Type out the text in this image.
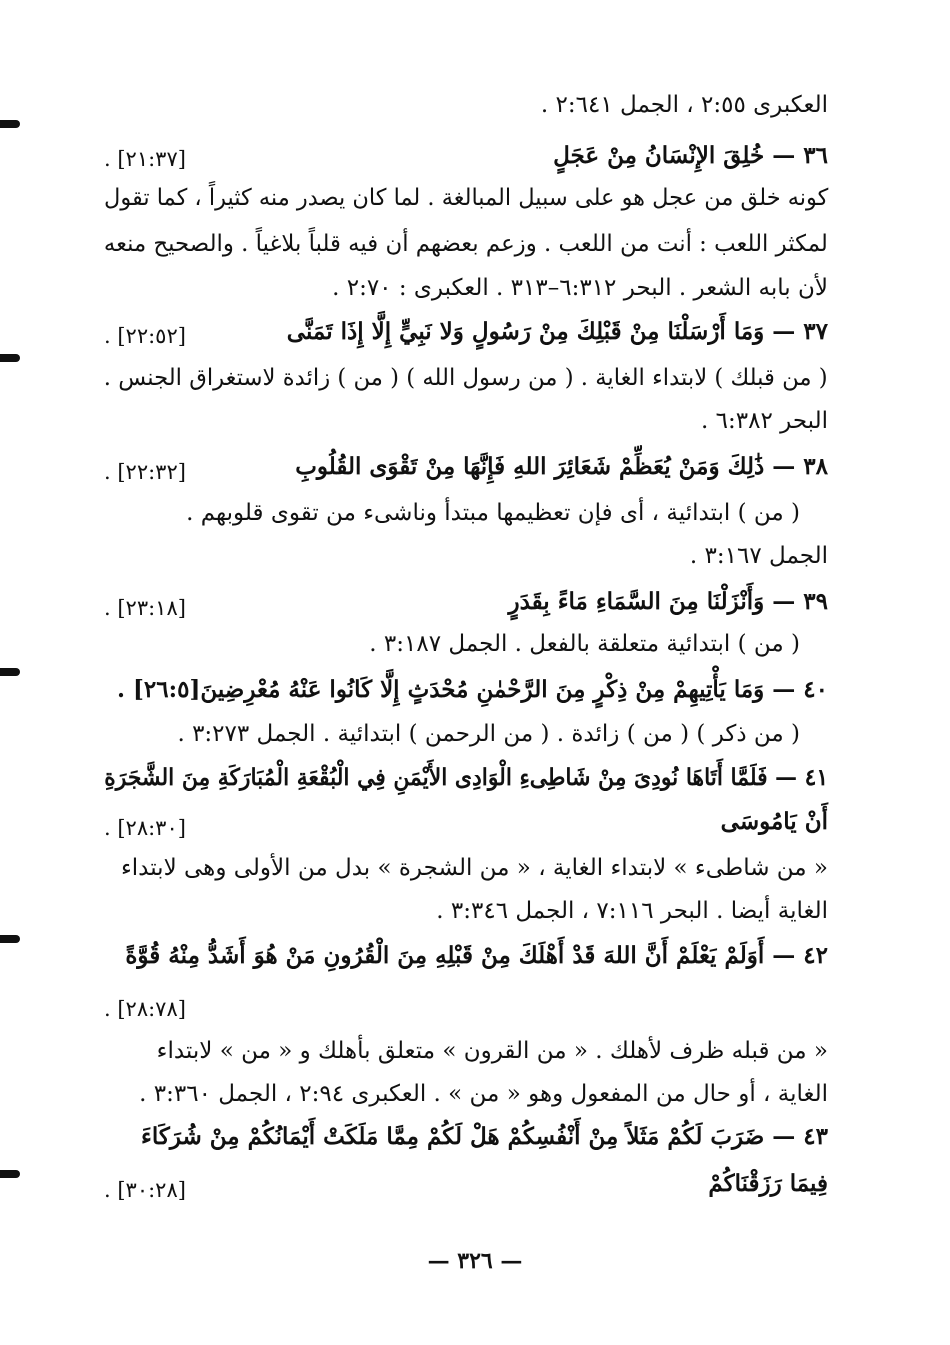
العكبرى ٢:٥٥ ، الجمل ٢:٦٤١ .
٣٦ — خُلِقَ الإِنْسَانُ مِنْ عَجَلٍ
[٢١:٣٧] .
كونه خلق من عجل هو على سبيل المبالغة . لما كان يصدر منه كثيراً ، كما تقول
لمكثر اللعب : أنت من اللعب . وزعم بعضهم أن فيه قلباً بلاغياً . والصحيح منعه
لأن بابه الشعر . البحر ٦:٣١٢–٣١٣ . العكبرى : ٢:٧٠ .
٣٧ — وَمَا أَرْسَلْنَا مِنْ قَبْلِكَ مِنْ رَسُولٍ وَلا نَبِيٍّ إِلَّا إِذَا تَمَنَّى
[٢٢:٥٢] .
( من قبلك ) لابتداء الغاية . ( من رسول الله ) ( من ) زائدة لاستغراق الجنس .
البحر ٦:٣٨٢ .
٣٨ — ذَٰلِكَ وَمَنْ يُعَظِّمْ شَعَائِرَ اللهِ فَإِنَّهَا مِنْ تَقْوَى القُلُوبِ
[٢٢:٣٢] .
( من ) ابتدائية ، أى فإن تعظيمها مبتدأ وناشىء من تقوى قلوبهم .
الجمل ٣:١٦٧ .
٣٩ — وَأَنْزَلْنَا مِنَ السَّمَاءِ مَاءً بِقَدَرٍ
[٢٣:١٨] .
( من ) ابتدائية متعلقة بالفعل . الجمل ٣:١٨٧ .
٤٠ — وَمَا يَأْتِيهِمْ مِنْ ذِكْرٍ مِنَ الرَّحْمٰنِ مُحْدَثٍ إِلَّا كَانُوا عَنْهُ مُعْرِضِينَ[٢٦:٥] .
( من ذكر ) ( من ) زائدة . ( من الرحمن ) ابتدائية . الجمل ٣:٢٧٣ .
٤١ — فَلَمَّا أَتَاهَا نُودِىَ مِنْ شَاطِىءِ الْوَادِى الأَيْمَنِ فِي الْبُقْعَةِ الْمُبَارَكَةِ مِنَ الشَّجَرَةِ
أَنْ يَامُوسَى
[٢٨:٣٠] .
« من شاطىء » لابتداء الغاية ، « من الشجرة » بدل من الأولى وهى لابتداء
الغاية أيضا . البحر ٧:١١٦ ، الجمل ٣:٣٤٦ .
٤٢ — أَوَلَمْ يَعْلَمْ أَنَّ اللهَ قَدْ أَهْلَكَ مِنْ قَبْلِهِ مِنَ الْقُرُونِ مَنْ هُوَ أَشَدُّ مِنْهُ قُوَّةً
[٢٨:٧٨] .
« من قبله ظرف لأهلك . « من القرون » متعلق بأهلك و « من » لابتداء
الغاية ، أو حال من المفعول وهو « من » . العكبرى ٢:٩٤ ، الجمل ٣:٣٦٠ .
٤٣ — ضَرَبَ لَكُمْ مَثَلاً مِنْ أَنْفُسِكُمْ هَلْ لَكُمْ مِمَّا مَلَكَتْ أَيْمَانُكُمْ مِنْ شُرَكَاءَ
فِيمَا رَزَقْنَاكُمْ
[٣٠:٢٨] .
— ٣٢٦ —
